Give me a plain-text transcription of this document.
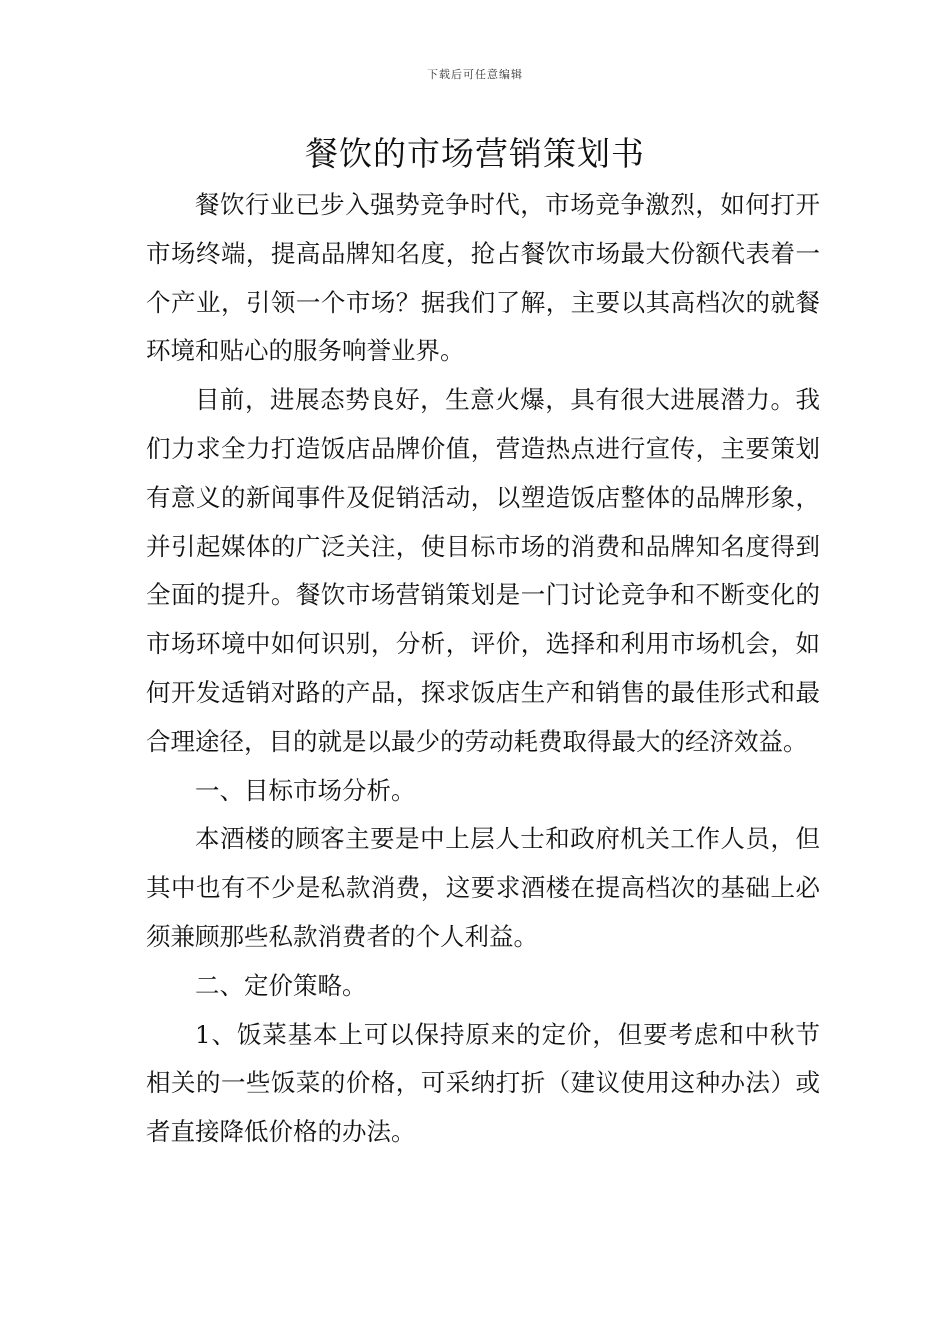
下载后可任意编辑
餐饮的市场营销策划书

餐饮行业已步入强势竞争时代，市场竞争激烈，如何打开市场终端，提高品牌知名度，抢占餐饮市场最大份额代表着一个产业，引领一个市场？据我们了解，主要以其高档次的就餐环境和贴心的服务响誉业界。

目前，进展态势良好，生意火爆，具有很大进展潜力。我们力求全力打造饭店品牌价值，营造热点进行宣传，主要策划有意义的新闻事件及促销活动，以塑造饭店整体的品牌形象，并引起媒体的广泛关注，使目标市场的消费和品牌知名度得到全面的提升。餐饮市场营销策划是一门讨论竞争和不断变化的市场环境中如何识别，分析，评价，选择和利用市场机会，如何开发适销对路的产品，探求饭店生产和销售的最佳形式和最合理途径，目的就是以最少的劳动耗费取得最大的经济效益。

一、目标市场分析。

本酒楼的顾客主要是中上层人士和政府机关工作人员，但其中也有不少是私款消费，这要求酒楼在提高档次的基础上必须兼顾那些私款消费者的个人利益。

二、定价策略。

1、饭菜基本上可以保持原来的定价，但要考虑和中秋节相关的一些饭菜的价格，可采纳打折（建议使用这种办法）或者直接降低价格的办法。
